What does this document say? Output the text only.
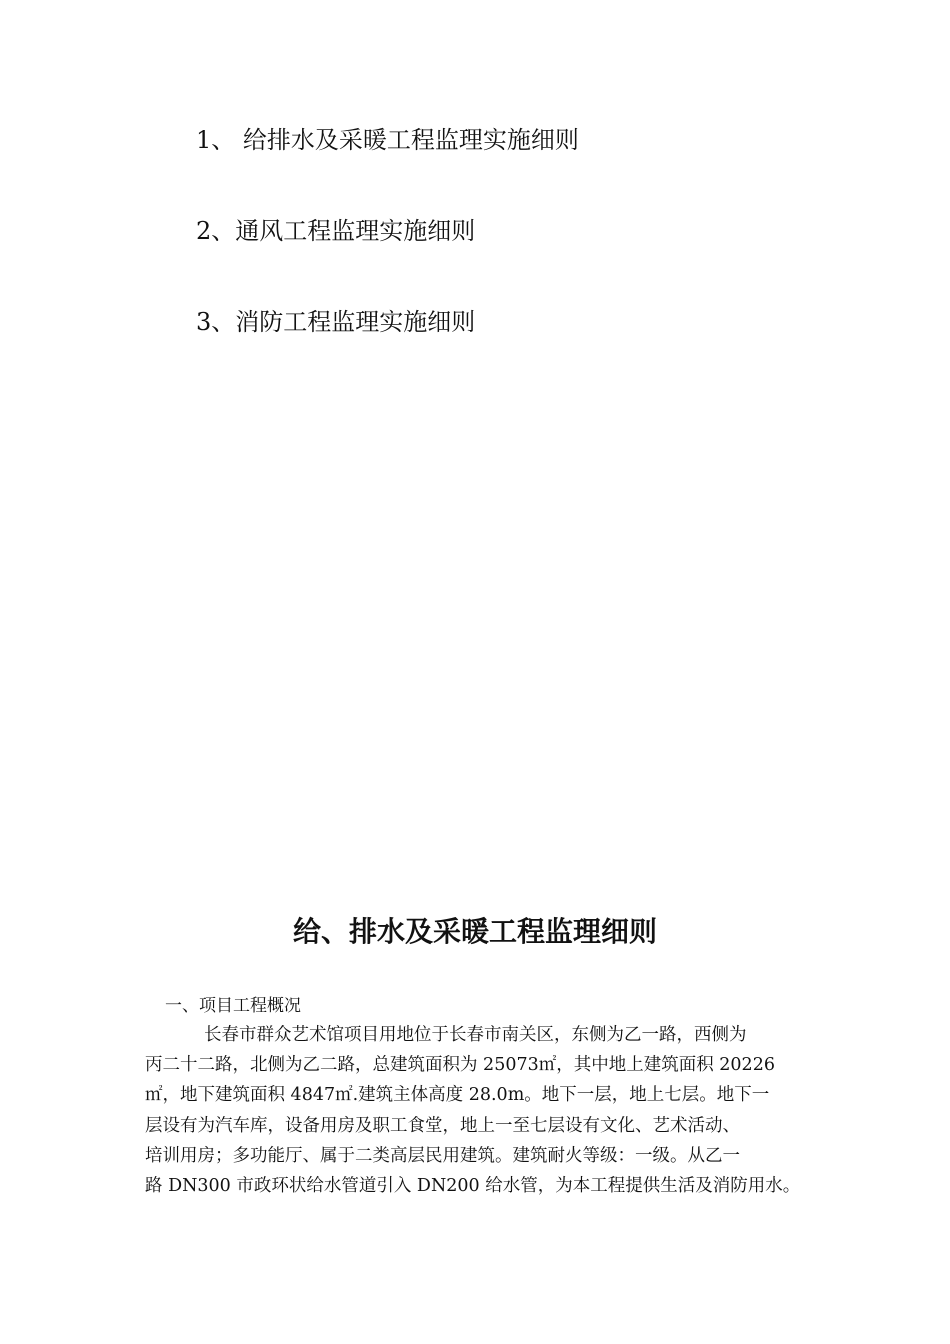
1、 给排水及采暖工程监理实施细则
2、通风工程监理实施细则
3、消防工程监理实施细则
给、排水及采暖工程监理细则
一、项目工程概况
长春市群众艺术馆项目用地位于长春市南关区，东侧为乙一路，西侧为
丙二十二路，北侧为乙二路，总建筑面积为 25073㎡，其中地上建筑面积 20226
㎡，地下建筑面积 4847㎡.建筑主体高度 28.0m。地下一层，地上七层。地下一
层设有为汽车库，设备用房及职工食堂，地上一至七层设有文化、艺术活动、
培训用房；多功能厅、属于二类高层民用建筑。建筑耐火等级：一级。从乙一
路 DN300 市政环状给水管道引入 DN200 给水管，为本工程提供生活及消防用水。
